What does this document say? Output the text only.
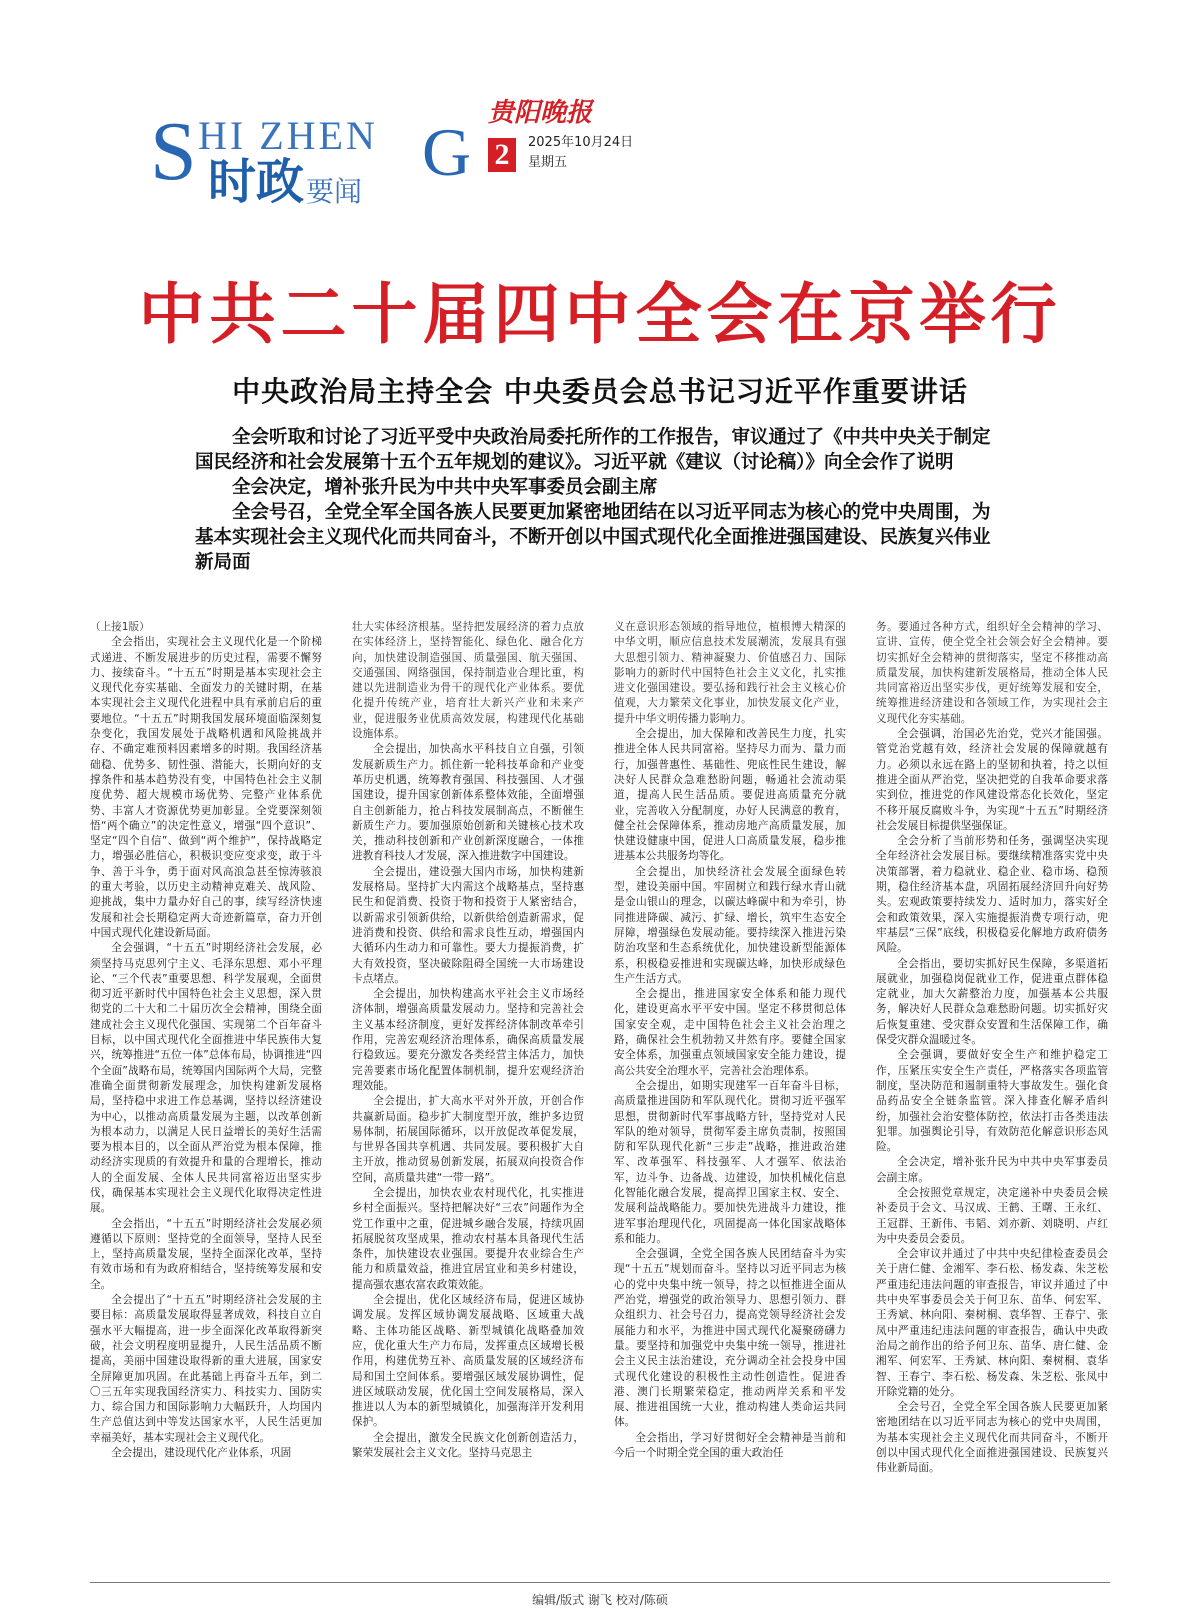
S HI ZHEN G
时政 要闻
贵阳晚报
2	2025年10月24日
星期五
中共二十届四中全会在京举行
中央政治局主持全会 中央委员会总书记习近平作重要讲话

全会听取和讨论了习近平受中央政治局委托所作的工作报告，审议通过了《中共中央关于制定国民经济和社会发展第十五个五年规划的建议》。习近平就《建议（讨论稿）》向全会作了说明

全会决定，增补张升民为中共中央军事委员会副主席

全会号召，全党全军全国各族人民要更加紧密地团结在以习近平同志为核心的党中央周围，为基本实现社会主义现代化而共同奋斗，不断开创以中国式现代化全面推进强国建设、民族复兴伟业新局面

（上接1版）

全会指出，实现社会主义现代化是一个阶梯式递进、不断发展进步的历史过程，需要不懈努力、接续奋斗。“十五五”时期是基本实现社会主义现代化夯实基础、全面发力的关键时期，在基本实现社会主义现代化进程中具有承前启后的重要地位。“十五五”时期我国发展环境面临深刻复杂变化，我国发展处于战略机遇和风险挑战并存、不确定难预料因素增多的时期。我国经济基础稳、优势多、韧性强、潜能大，长期向好的支撑条件和基本趋势没有变，中国特色社会主义制度优势、超大规模市场优势、完整产业体系优势、丰富人才资源优势更加彰显。全党要深刻领悟“两个确立”的决定性意义，增强“四个意识”、坚定“四个自信”、做到“两个维护”，保持战略定力，增强必胜信心，积极识变应变求变，敢于斗争、善于斗争，勇于面对风高浪急甚至惊涛骇浪的重大考验，以历史主动精神克难关、战风险、迎挑战，集中力量办好自己的事，续写经济快速发展和社会长期稳定两大奇迹新篇章，奋力开创中国式现代化建设新局面。

全会强调，“十五五”时期经济社会发展，必须坚持马克思列宁主义、毛泽东思想、邓小平理论、“三个代表”重要思想、科学发展观，全面贯彻习近平新时代中国特色社会主义思想，深入贯彻党的二十大和二十届历次全会精神，围绕全面建成社会主义现代化强国、实现第二个百年奋斗目标，以中国式现代化全面推进中华民族伟大复兴，统筹推进“五位一体”总体布局，协调推进“四个全面”战略布局，统筹国内国际两个大局，完整准确全面贯彻新发展理念，加快构建新发展格局，坚持稳中求进工作总基调，坚持以经济建设为中心，以推动高质量发展为主题，以改革创新为根本动力，以满足人民日益增长的美好生活需要为根本目的，以全面从严治党为根本保障，推动经济实现质的有效提升和量的合理增长，推动人的全面发展、全体人民共同富裕迈出坚实步伐，确保基本实现社会主义现代化取得决定性进展。

全会指出，“十五五”时期经济社会发展必须遵循以下原则：坚持党的全面领导，坚持人民至上，坚持高质量发展，坚持全面深化改革，坚持有效市场和有为政府相结合，坚持统筹发展和安全。

全会提出了“十五五”时期经济社会发展的主要目标：高质量发展取得显著成效，科技自立自强水平大幅提高，进一步全面深化改革取得新突破，社会文明程度明显提升，人民生活品质不断提高，美丽中国建设取得新的重大进展，国家安全屏障更加巩固。在此基础上再奋斗五年，到二〇三五年实现我国经济实力、科技实力、国防实力、综合国力和国际影响力大幅跃升，人均国内生产总值达到中等发达国家水平，人民生活更加幸福美好，基本实现社会主义现代化。

全会提出，建设现代化产业体系，巩固

壮大实体经济根基。坚持把发展经济的着力点放在实体经济上，坚持智能化、绿色化、融合化方向，加快建设制造强国、质量强国、航天强国、交通强国、网络强国，保持制造业合理比重，构建以先进制造业为骨干的现代化产业体系。要优化提升传统产业，培育壮大新兴产业和未来产业，促进服务业优质高效发展，构建现代化基础设施体系。

全会提出，加快高水平科技自立自强，引领发展新质生产力。抓住新一轮科技革命和产业变革历史机遇，统筹教育强国、科技强国、人才强国建设，提升国家创新体系整体效能，全面增强自主创新能力，抢占科技发展制高点，不断催生新质生产力。要加强原始创新和关键核心技术攻关，推动科技创新和产业创新深度融合，一体推进教育科技人才发展，深入推进数字中国建设。

全会提出，建设强大国内市场，加快构建新发展格局。坚持扩大内需这个战略基点，坚持惠民生和促消费、投资于物和投资于人紧密结合，以新需求引领新供给，以新供给创造新需求，促进消费和投资、供给和需求良性互动，增强国内大循环内生动力和可靠性。要大力提振消费，扩大有效投资，坚决破除阻碍全国统一大市场建设卡点堵点。

全会提出，加快构建高水平社会主义市场经济体制，增强高质量发展动力。坚持和完善社会主义基本经济制度，更好发挥经济体制改革牵引作用，完善宏观经济治理体系，确保高质量发展行稳致远。要充分激发各类经营主体活力，加快完善要素市场化配置体制机制，提升宏观经济治理效能。

全会提出，扩大高水平对外开放，开创合作共赢新局面。稳步扩大制度型开放，维护多边贸易体制，拓展国际循环，以开放促改革促发展，与世界各国共享机遇、共同发展。要积极扩大自主开放，推动贸易创新发展，拓展双向投资合作空间，高质量共建“一带一路”。

全会提出，加快农业农村现代化，扎实推进乡村全面振兴。坚持把解决好“三农”问题作为全党工作重中之重，促进城乡融合发展，持续巩固拓展脱贫攻坚成果，推动农村基本具备现代生活条件，加快建设农业强国。要提升农业综合生产能力和质量效益，推进宜居宜业和美乡村建设，提高强农惠农富农政策效能。

全会提出，优化区域经济布局，促进区域协调发展。发挥区域协调发展战略、区域重大战略、主体功能区战略、新型城镇化战略叠加效应，优化重大生产力布局，发挥重点区域增长极作用，构建优势互补、高质量发展的区域经济布局和国土空间体系。要增强区域发展协调性，促进区域联动发展，优化国土空间发展格局，深入推进以人为本的新型城镇化，加强海洋开发利用保护。

全会提出，激发全民族文化创新创造活力，繁荣发展社会主义文化。坚持马克思主

义在意识形态领域的指导地位，植根博大精深的中华文明，顺应信息技术发展潮流，发展具有强大思想引领力、精神凝聚力、价值感召力、国际影响力的新时代中国特色社会主义文化，扎实推进文化强国建设。要弘扬和践行社会主义核心价值观，大力繁荣文化事业，加快发展文化产业，提升中华文明传播力影响力。

全会提出，加大保障和改善民生力度，扎实推进全体人民共同富裕。坚持尽力而为、量力而行，加强普惠性、基础性、兜底性民生建设，解决好人民群众急难愁盼问题，畅通社会流动渠道，提高人民生活品质。要促进高质量充分就业，完善收入分配制度，办好人民满意的教育，健全社会保障体系，推动房地产高质量发展，加快建设健康中国，促进人口高质量发展，稳步推进基本公共服务均等化。

全会提出，加快经济社会发展全面绿色转型，建设美丽中国。牢固树立和践行绿水青山就是金山银山的理念，以碳达峰碳中和为牵引，协同推进降碳、减污、扩绿、增长，筑牢生态安全屏障，增强绿色发展动能。要持续深入推进污染防治攻坚和生态系统优化，加快建设新型能源体系，积极稳妥推进和实现碳达峰，加快形成绿色生产生活方式。

全会提出，推进国家安全体系和能力现代化，建设更高水平平安中国。坚定不移贯彻总体国家安全观，走中国特色社会主义社会治理之路，确保社会生机勃勃又井然有序。要健全国家安全体系，加强重点领域国家安全能力建设，提高公共安全治理水平，完善社会治理体系。

全会提出，如期实现建军一百年奋斗目标，高质量推进国防和军队现代化。贯彻习近平强军思想，贯彻新时代军事战略方针，坚持党对人民军队的绝对领导，贯彻军委主席负责制，按照国防和军队现代化新“三步走”战略，推进政治建军、改革强军、科技强军、人才强军、依法治军，边斗争、边备战、边建设，加快机械化信息化智能化融合发展，提高捍卫国家主权、安全、发展利益战略能力。要加快先进战斗力建设，推进军事治理现代化，巩固提高一体化国家战略体系和能力。

全会强调，全党全国各族人民团结奋斗为实现“十五五”规划而奋斗。坚持以习近平同志为核心的党中央集中统一领导，持之以恒推进全面从严治党，增强党的政治领导力、思想引领力、群众组织力、社会号召力，提高党领导经济社会发展能力和水平，为推进中国式现代化凝聚磅礴力量。要坚持和加强党中央集中统一领导，推进社会主义民主法治建设，充分调动全社会投身中国式现代化建设的积极性主动性创造性。促进香港、澳门长期繁荣稳定，推动两岸关系和平发展、推进祖国统一大业，推动构建人类命运共同体。

全会指出，学习好贯彻好全会精神是当前和今后一个时期全党全国的重大政治任

务。要通过各种方式，组织好全会精神的学习、宣讲、宣传，使全党全社会领会好全会精神。要切实抓好全会精神的贯彻落实，坚定不移推动高质量发展，加快构建新发展格局，推动全体人民共同富裕迈出坚实步伐，更好统筹发展和安全，统筹推进经济建设和各领域工作，为实现社会主义现代化夯实基础。

全会强调，治国必先治党，党兴才能国强。管党治党越有效，经济社会发展的保障就越有力。必须以永远在路上的坚韧和执着，持之以恒推进全面从严治党，坚决把党的自我革命要求落实到位，推进党的作风建设常态化长效化，坚定不移开展反腐败斗争，为实现“十五五”时期经济社会发展目标提供坚强保证。

全会分析了当前形势和任务，强调坚决实现全年经济社会发展目标。要继续精准落实党中央决策部署，着力稳就业、稳企业、稳市场、稳预期，稳住经济基本盘，巩固拓展经济回升向好势头。宏观政策要持续发力、适时加力，落实好全会和政策效果，深入实施提振消费专项行动，兜牢基层“三保”底线，积极稳妥化解地方政府债务风险。

全会指出，要切实抓好民生保障，多渠道拓展就业，加强稳岗促就业工作，促进重点群体稳定就业，加大欠薪整治力度，加强基本公共服务，解决好人民群众急难愁盼问题。切实抓好灾后恢复重建、受灾群众安置和生活保障工作，确保受灾群众温暖过冬。

全会强调，要做好安全生产和维护稳定工作，压紧压实安全生产责任，严格落实各项监管制度，坚决防范和遏制重特大事故发生。强化食品药品安全全链条监管。深入排查化解矛盾纠纷，加强社会治安整体防控，依法打击各类违法犯罪。加强舆论引导，有效防范化解意识形态风险。

全会决定，增补张升民为中共中央军事委员会副主席。

全会按照党章规定，决定递补中央委员会候补委员于会文、马汉成、王鹤、王曙、王永红、王冠群、王新伟、韦韬、刘亦新、刘晓明、卢红为中央委员会委员。

全会审议并通过了中共中央纪律检查委员会关于唐仁健、金湘军、李石松、杨发森、朱芝松严重违纪违法问题的审查报告，审议并通过了中共中央军事委员会关于何卫东、苗华、何宏军、王秀斌、林向阳、秦树桐、袁华智、王春宁、张凤中严重违纪违法问题的审查报告，确认中央政治局之前作出的给予何卫东、苗华、唐仁健、金湘军、何宏军、王秀斌、林向阳、秦树桐、袁华智、王春宁、李石松、杨发森、朱芝松、张凤中开除党籍的处分。

全会号召，全党全军全国各族人民要更加紧密地团结在以习近平同志为核心的党中央周围，为基本实现社会主义现代化而共同奋斗，不断开创以中国式现代化全面推进强国建设、民族复兴伟业新局面。

编辑/版式 谢飞 校对/陈硕
